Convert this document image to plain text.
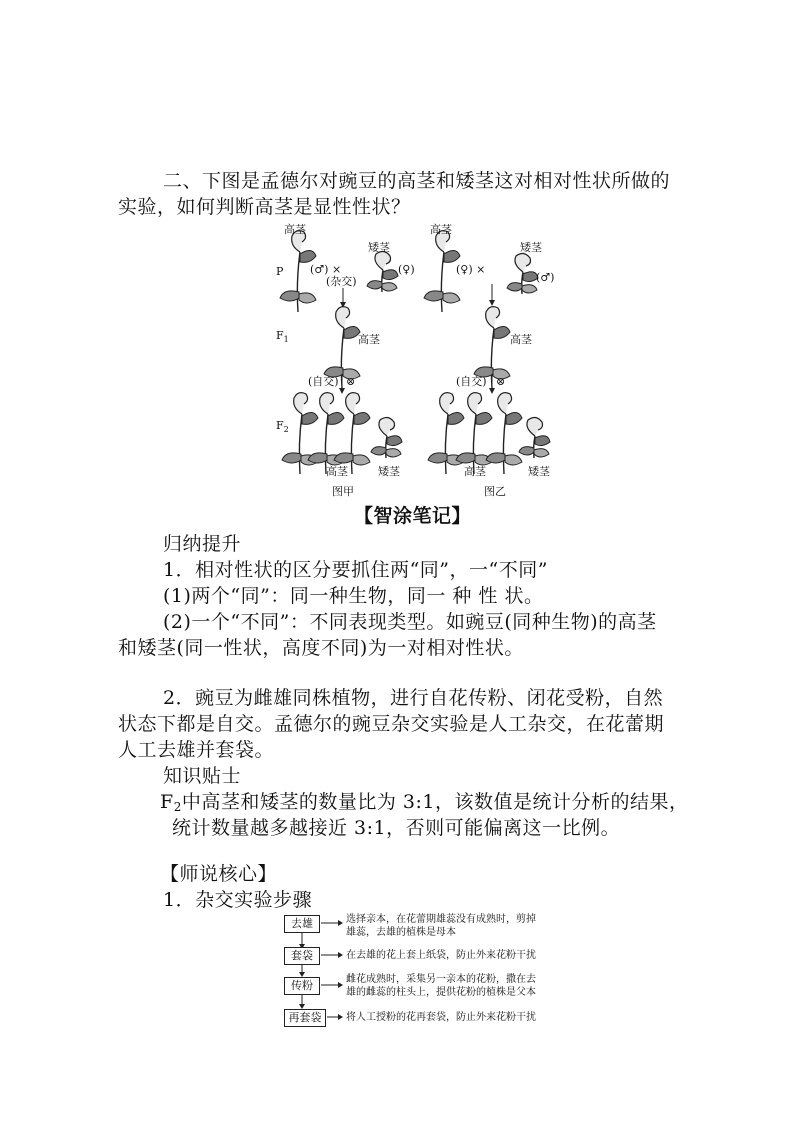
二、下图是孟德尔对豌豆的高茎和矮茎这对相对性状所做的
实验，如何判断高茎是显性性状？
高茎
矮茎
高茎
矮茎
P (♂) ×	(♀)
(杂交)
(♀) ×
(♂)
$F_1$	高茎	高茎
(自交) ⊗	(自交) ⊗
$F_2$
高茎	矮茎	高茎	矮茎
图甲	图乙
【智涂笔记】
归纳提升
1．相对性状的区分要抓住两“同”，一“不同”
(1)两个“同”：同一种生物，同一 种 性 状。
(2)一个“不同”：不同表现类型。如豌豆(同种生物)的高茎
和矮茎(同一性状，高度不同)为一对相对性状。
2．豌豆为雌雄同株植物，进行自花传粉、闭花受粉，自然
状态下都是自交。孟德尔的豌豆杂交实验是人工杂交，在花蕾期
人工去雄并套袋。
知识贴士
$F_2$中高茎和矮茎的数量比为 3:1，该数值是统计分析的结果，
统计数量越多越接近 3:1，否则可能偏离这一比例。
【师说核心】
1．杂交实验步骤
去雄	选择亲本，在花蕾期雄蕊没有成熟时，剪掉
雄蕊，去雄的植株是母本
套袋	在去雄的花上套上纸袋，防止外来花粉干扰
传粉	雌花成熟时，采集另一亲本的花粉，撒在去
雄的雌蕊的柱头上，提供花粉的植株是父本
再套袋	将人工授粉的花再套袋，防止外来花粉干扰
